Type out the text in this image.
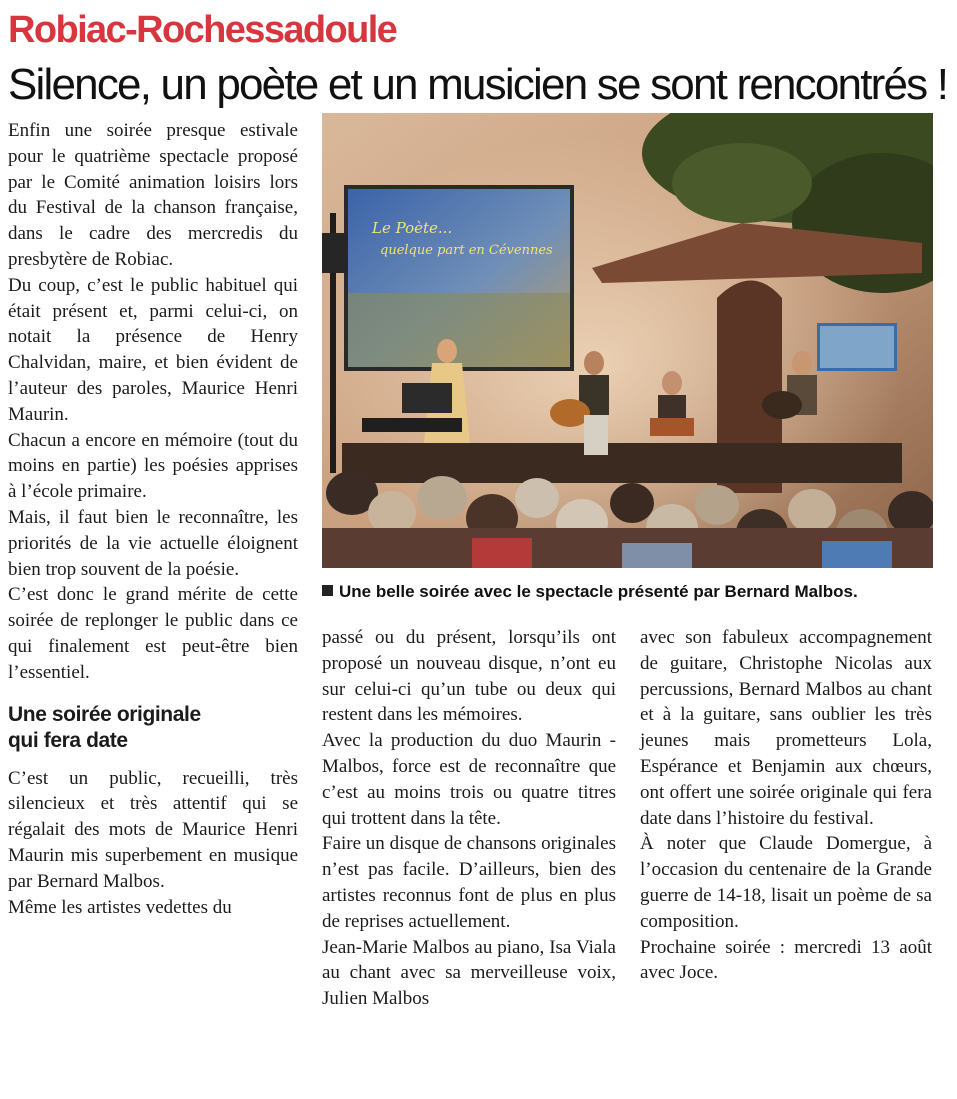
Robiac-Rochessadoule
Silence, un poète et un musicien se sont rencontrés !

Enfin une soirée presque estivale pour le quatrième spectacle proposé par le Comité animation loisirs lors du Festival de la chanson française, dans le cadre des mercredis du presbytère de Robiac.

Du coup, c’est le public habituel qui était présent et, parmi celui-ci, on notait la présence de Henry Chalvidan, maire, et bien évident de l’auteur des paroles, Maurice Henri Maurin.

Chacun a encore en mémoire (tout du moins en partie) les poésies apprises à l’école primaire.

Mais, il faut bien le reconnaître, les priorités de la vie actuelle éloignent bien trop souvent de la poésie.

C’est donc le grand mérite de cette soirée de replonger le public dans ce qui finalement est peut-être bien l’essentiel.

Une soirée originale
qui fera date

C’est un public, recueilli, très silencieux et très attentif qui se régalait des mots de Maurice Henri Maurin mis superbement en musique par Bernard Malbos.

Même les artistes vedettes du

Le Poète...
quelque part en Cévennes
Une belle soirée avec le spectacle présenté par Bernard Malbos.

passé ou du présent, lorsqu’ils ont proposé un nouveau disque, n’ont eu sur celui-ci qu’un tube ou deux qui restent dans les mémoires.

Avec la production du duo Maurin - Malbos, force est de reconnaître que c’est au moins trois ou quatre titres qui trottent dans la tête.

Faire un disque de chansons originales n’est pas facile. D’ailleurs, bien des artistes reconnus font de plus en plus de reprises actuellement.

Jean-Marie Malbos au piano, Isa Viala au chant avec sa merveilleuse voix, Julien Malbos

avec son fabuleux accompagnement de guitare, Christophe Nicolas aux percussions, Bernard Malbos au chant et à la guitare, sans oublier les très jeunes mais prometteurs Lola, Espérance et Benjamin aux chœurs, ont offert une soirée originale qui fera date dans l’histoire du festival.

À noter que Claude Domergue, à l’occasion du centenaire de la Grande guerre de 14-18, lisait un poème de sa composition.

Prochaine soirée : mercredi 13 août avec Joce.
